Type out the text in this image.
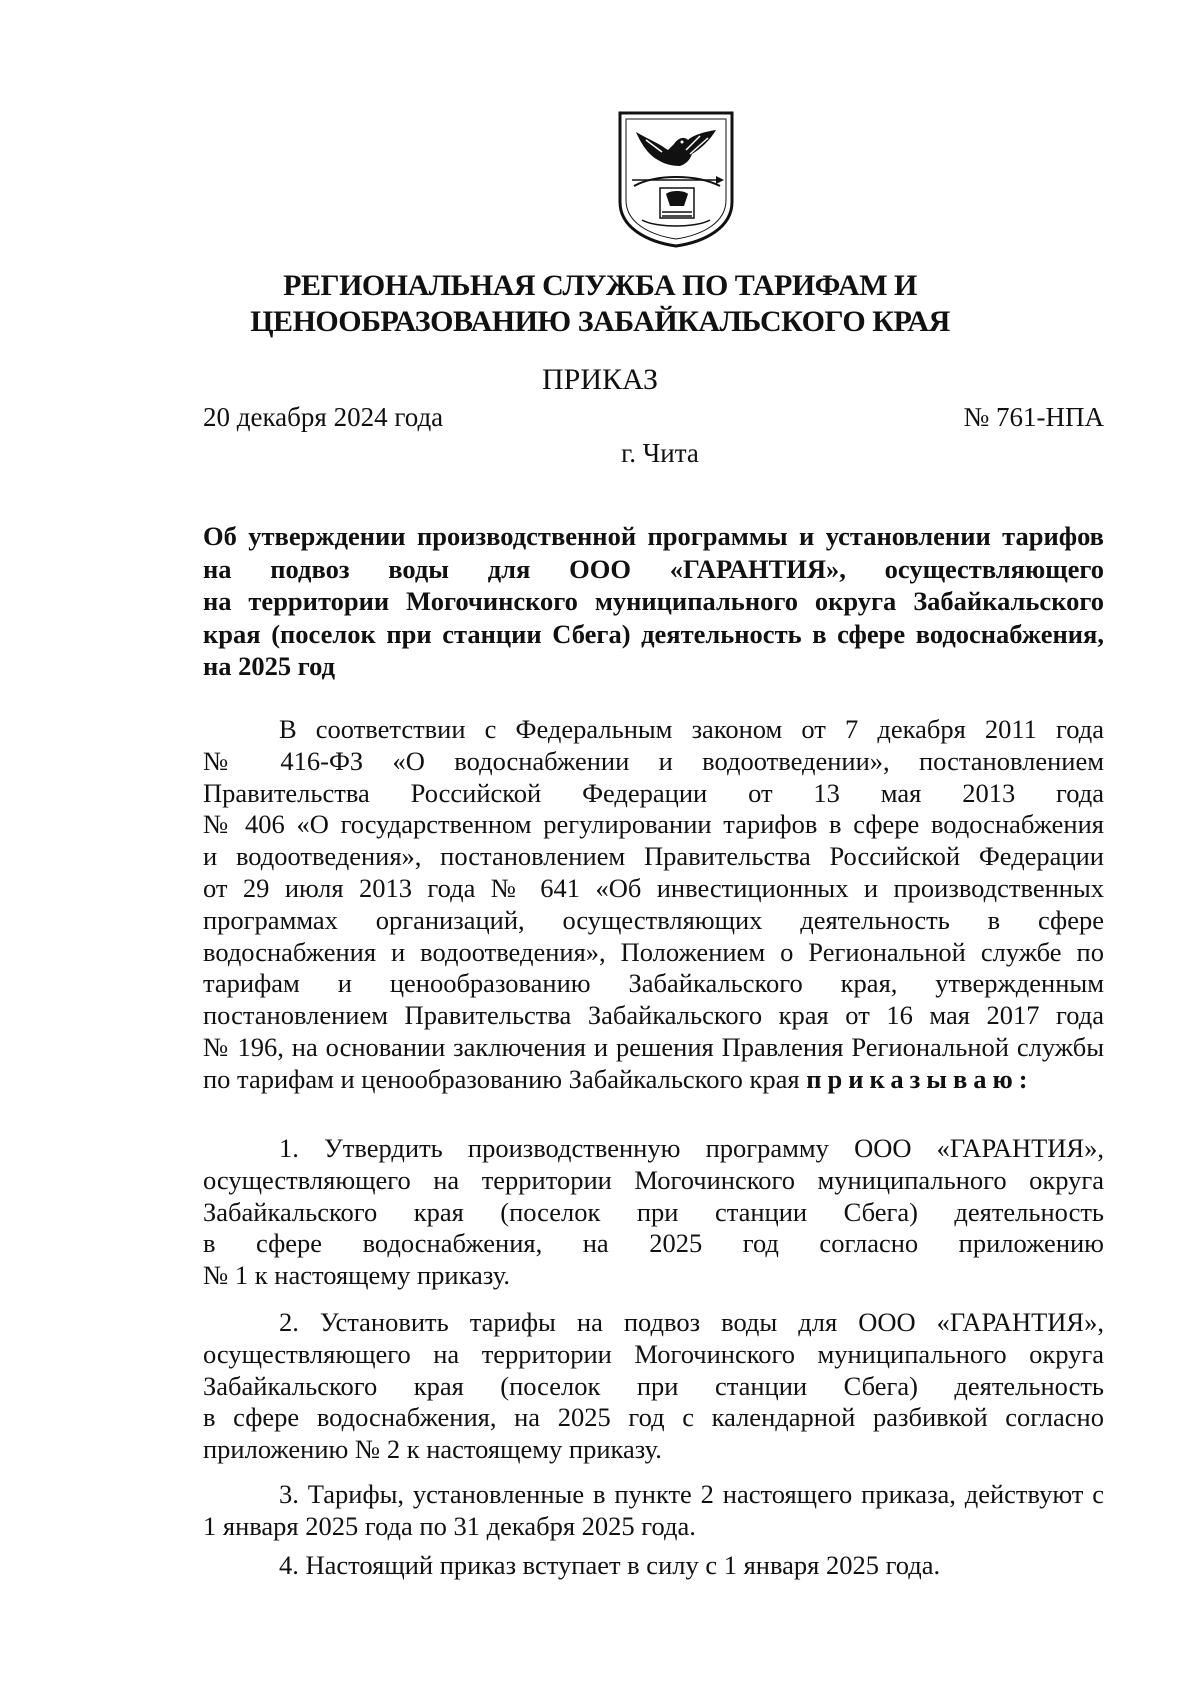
РЕГИОНАЛЬНАЯ СЛУЖБА ПО ТАРИФАМ И
ЦЕНООБРАЗОВАНИЮ ЗАБАЙКАЛЬСКОГО КРАЯ
ПРИКАЗ
20 декабря 2024 года	№ 761-НПА
г. Чита
Об утверждении производственной программы и установлении тарифов
на подвоз воды для ООО «ГАРАНТИЯ», осуществляющего
на территории Могочинского муниципального округа Забайкальского
края (поселок при станции Сбега) деятельность в сфере водоснабжения,
на 2025 год
В соответствии с Федеральным законом от 7 декабря 2011 года
№ 416-ФЗ «О водоснабжении и водоотведении», постановлением
Правительства Российской Федерации от 13 мая 2013 года
№ 406 «О государственном регулировании тарифов в сфере водоснабжения
и водоотведения», постановлением Правительства Российской Федерации
от 29 июля 2013 года № 641 «Об инвестиционных и производственных
программах организаций, осуществляющих деятельность в сфере
водоснабжения и водоотведения», Положением о Региональной службе по
тарифам и ценообразованию Забайкальского края, утвержденным
постановлением Правительства Забайкальского края от 16 мая 2017 года
№ 196, на основании заключения и решения Правления Региональной службы
по тарифам и ценообразованию Забайкальского края приказываю:
1. Утвердить производственную программу ООО «ГАРАНТИЯ»,
осуществляющего на территории Могочинского муниципального округа
Забайкальского края (поселок при станции Сбега) деятельность
в сфере водоснабжения, на 2025 год согласно приложению
№ 1 к настоящему приказу.
2. Установить тарифы на подвоз воды для ООО «ГАРАНТИЯ»,
осуществляющего на территории Могочинского муниципального округа
Забайкальского края (поселок при станции Сбега) деятельность
в сфере водоснабжения, на 2025 год с календарной разбивкой согласно
приложению № 2 к настоящему приказу.
3. Тарифы, установленные в пункте 2 настоящего приказа, действуют с
1 января 2025 года по 31 декабря 2025 года.
4. Настоящий приказ вступает в силу с 1 января 2025 года.
